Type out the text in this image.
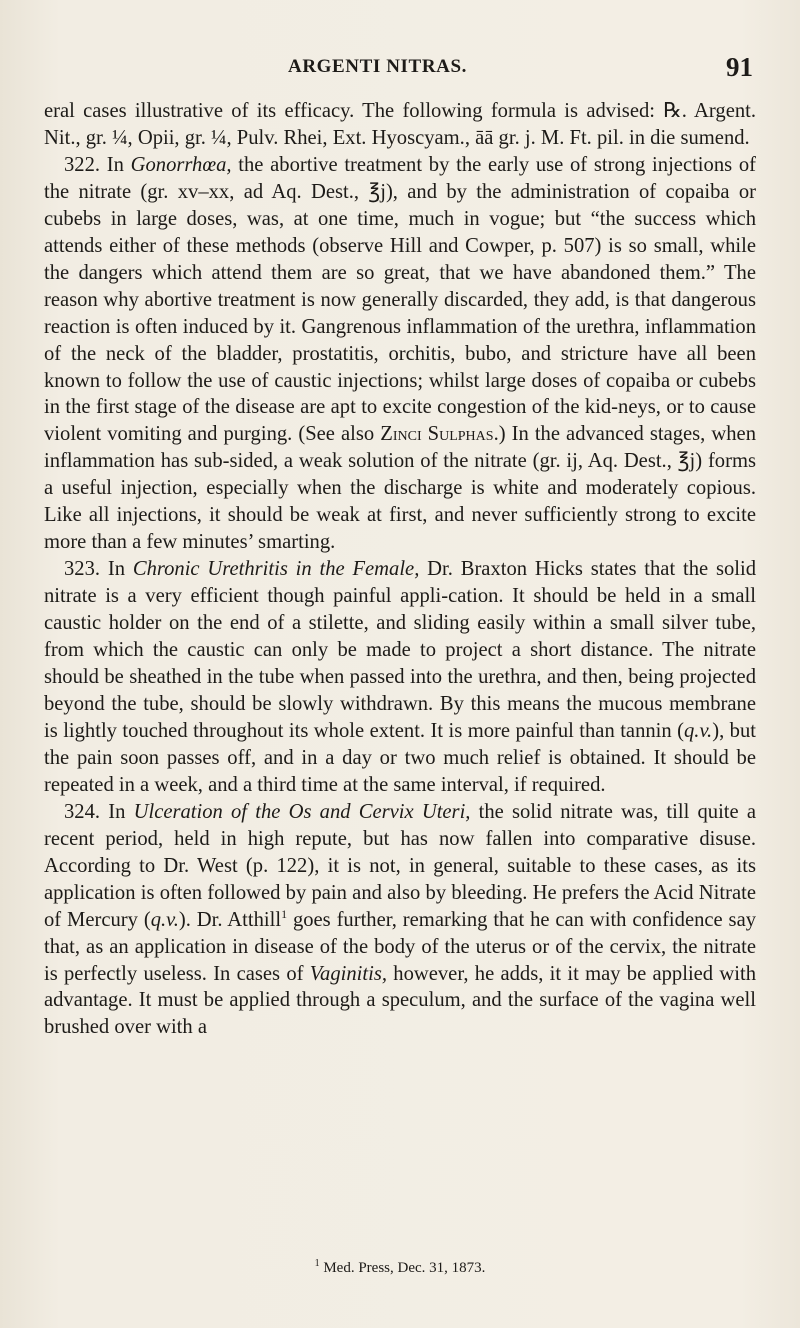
ARGENTI NITRAS.	91

eral cases illustrative of its efficacy. The following formula is advised: ℞. Argent. Nit., gr. ¼, Opii, gr. ¼, Pulv. Rhei, Ext. Hyoscyam., āā gr. j. M. Ft. pil. in die sumend.

322. In Gonorrhœa, the abortive treatment by the early use of strong injections of the nitrate (gr. xv–xx, ad Aq. Dest., ℥j), and by the administration of copaiba or cubebs in large doses, was, at one time, much in vogue; but “the success which attends either of these methods (observe Hill and Cowper, p. 507) is so small, while the dangers which attend them are so great, that we have abandoned them.” The reason why abortive treatment is now generally discarded, they add, is that dangerous reaction is often induced by it. Gangrenous inflammation of the urethra, inflammation of the neck of the bladder, prostatitis, orchitis, bubo, and stricture have all been known to follow the use of caustic injections; whilst large doses of copaiba or cubebs in the first stage of the disease are apt to excite congestion of the kid-neys, or to cause violent vomiting and purging. (See also Zinci Sulphas.) In the advanced stages, when inflammation has sub-sided, a weak solution of the nitrate (gr. ij, Aq. Dest., ℥j) forms a useful injection, especially when the discharge is white and moderately copious. Like all injections, it should be weak at first, and never sufficiently strong to excite more than a few minutes’ smarting.

323. In Chronic Urethritis in the Female, Dr. Braxton Hicks states that the solid nitrate is a very efficient though painful appli-cation. It should be held in a small caustic holder on the end of a stilette, and sliding easily within a small silver tube, from which the caustic can only be made to project a short distance. The nitrate should be sheathed in the tube when passed into the urethra, and then, being projected beyond the tube, should be slowly withdrawn. By this means the mucous membrane is lightly touched throughout its whole extent. It is more painful than tannin (q.v.), but the pain soon passes off, and in a day or two much relief is obtained. It should be repeated in a week, and a third time at the same interval, if required.

324. In Ulceration of the Os and Cervix Uteri, the solid nitrate was, till quite a recent period, held in high repute, but has now fallen into comparative disuse. According to Dr. West (p. 122), it is not, in general, suitable to these cases, as its application is often followed by pain and also by bleeding. He prefers the Acid Nitrate of Mercury (q.v.). Dr. Atthill$^1$ goes further, remarking that he can with confidence say that, as an application in disease of the body of the uterus or of the cervix, the nitrate is perfectly useless. In cases of Vaginitis, however, he adds, it it may be applied with advantage. It must be applied through a speculum, and the surface of the vagina well brushed over with a

$^1$ Med. Press, Dec. 31, 1873.
